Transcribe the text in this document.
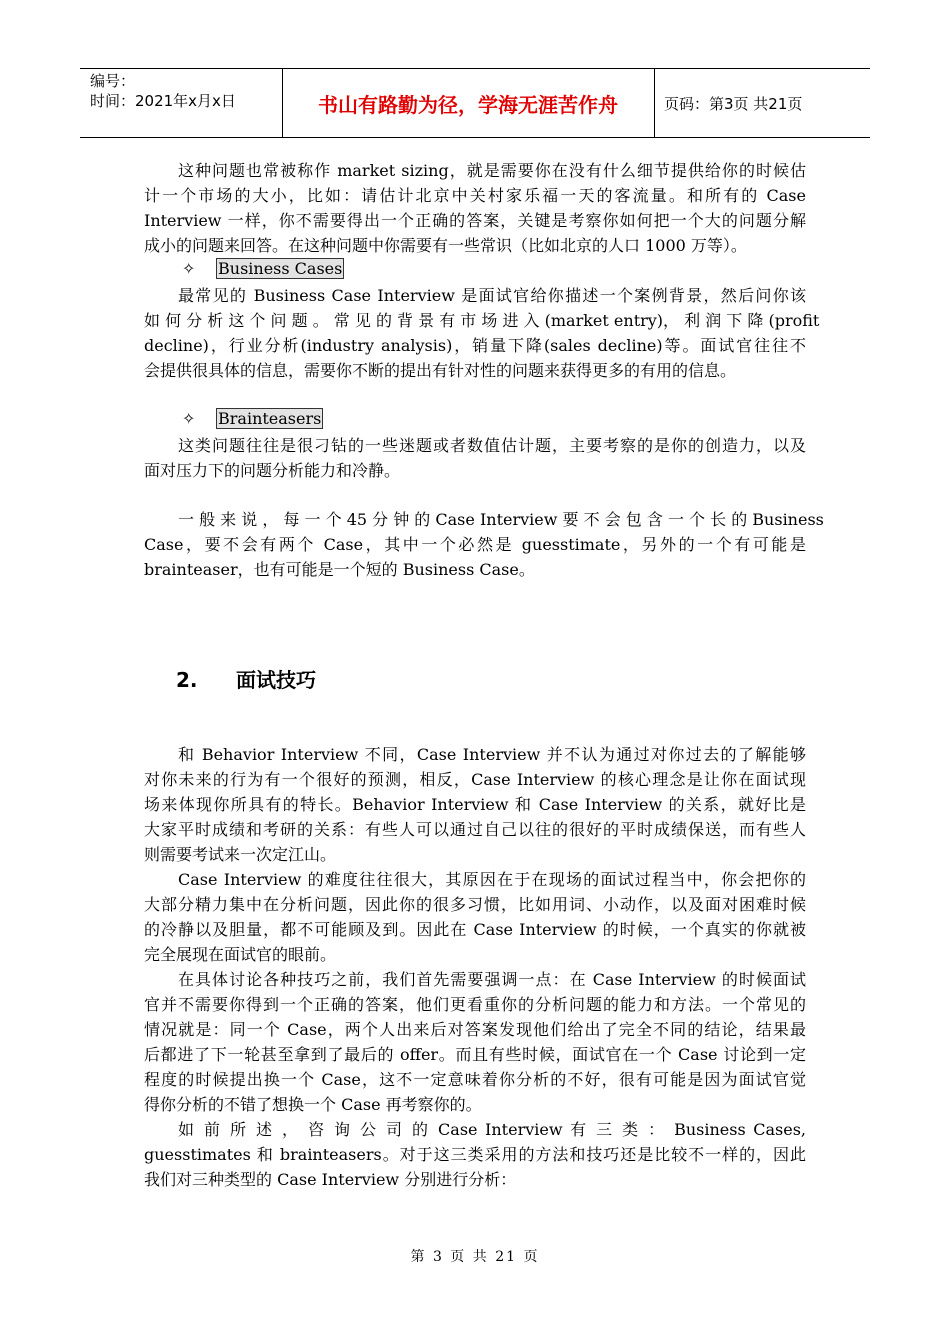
编号：
时间：2021年x月x日	书山有路勤为径，学海无涯苦作舟	页码：第3页 共21页
这种问题也常被称作 market sizing，就是需要你在没有什么细节提供给你的时候估
计一个市场的大小，比如：请估计北京中关村家乐福一天的客流量。和所有的 Case
Interview 一样，你不需要得出一个正确的答案，关键是考察你如何把一个大的问题分解
成小的问题来回答。在这种问题中你需要有一些常识（比如北京的人口 1000 万等）。
✧ Business Cases
最常见的 Business Case Interview 是面试官给你描述一个案例背景，然后问你该
如 何 分 析 这 个 问 题 。 常 见 的 背 景 有 市 场 进 入 (market entry)， 利 润 下 降 (profit
decline)，行业分析(industry analysis)，销量下降(sales decline)等。面试官往往不
会提供很具体的信息，需要你不断的提出有针对性的问题来获得更多的有用的信息。
✧ Brainteasers
这类问题往往是很刁钻的一些迷题或者数值估计题，主要考察的是你的创造力，以及
面对压力下的问题分析能力和冷静。
一 般 来 说 ， 每 一 个 45 分 钟 的 Case Interview 要 不 会 包 含 一 个 长 的 Business
Case，要不会有两个 Case，其中一个必然是 guesstimate，另外的一个有可能是
brainteaser，也有可能是一个短的 Business Case。
2. 面试技巧
和 Behavior Interview 不同，Case Interview 并不认为通过对你过去的了解能够
对你未来的行为有一个很好的预测，相反，Case Interview 的核心理念是让你在面试现
场来体现你所具有的特长。Behavior Interview 和 Case Interview 的关系，就好比是
大家平时成绩和考研的关系：有些人可以通过自己以往的很好的平时成绩保送，而有些人
则需要考试来一次定江山。
Case Interview 的难度往往很大，其原因在于在现场的面试过程当中，你会把你的
大部分精力集中在分析问题，因此你的很多习惯，比如用词、小动作，以及面对困难时候
的冷静以及胆量，都不可能顾及到。因此在 Case Interview 的时候，一个真实的你就被
完全展现在面试官的眼前。
在具体讨论各种技巧之前，我们首先需要强调一点：在 Case Interview 的时候面试
官并不需要你得到一个正确的答案，他们更看重你的分析问题的能力和方法。一个常见的
情况就是：同一个 Case，两个人出来后对答案发现他们给出了完全不同的结论，结果最
后都进了下一轮甚至拿到了最后的 offer。而且有些时候，面试官在一个 Case 讨论到一定
程度的时候提出换一个 Case，这不一定意味着你分析的不好，很有可能是因为面试官觉
得你分析的不错了想换一个 Case 再考察你的。
如 前 所 述 ， 咨 询 公 司 的 Case Interview 有 三 类 ： Business Cases,
guesstimates 和 brainteasers。对于这三类采用的方法和技巧还是比较不一样的，因此
我们对三种类型的 Case Interview 分别进行分析：
第 3 页 共 21 页
